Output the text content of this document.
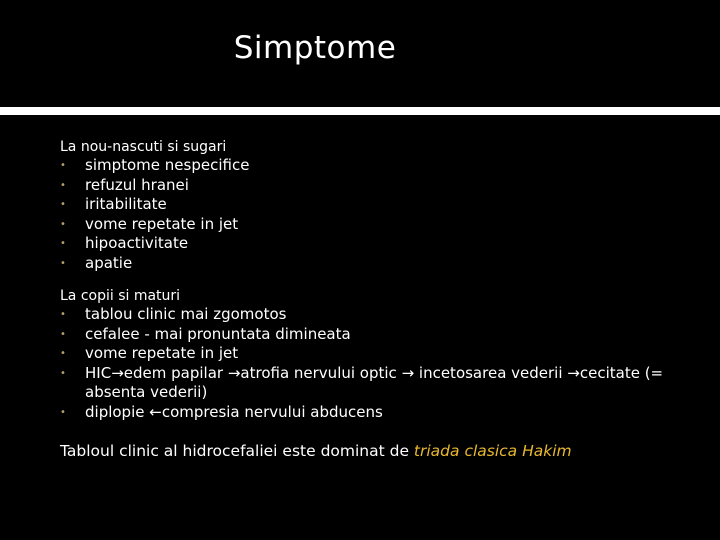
Simptome
La nou-nascuti si sugari
• simptome nespecifice
• refuzul hranei
• iritabilitate
• vome repetate in jet
• hipoactivitate
• apatie
La copii si maturi
• tablou clinic mai zgomotos
• cefalee - mai pronuntata dimineata
• vome repetate in jet
• HIC→edem papilar →atrofia nervului optic → incetosarea vederii →cecitate (= absenta vederii)
• diplopie ←compresia nervului abducens
Tabloul clinic al hidrocefaliei este dominat de triada clasica Hakim
